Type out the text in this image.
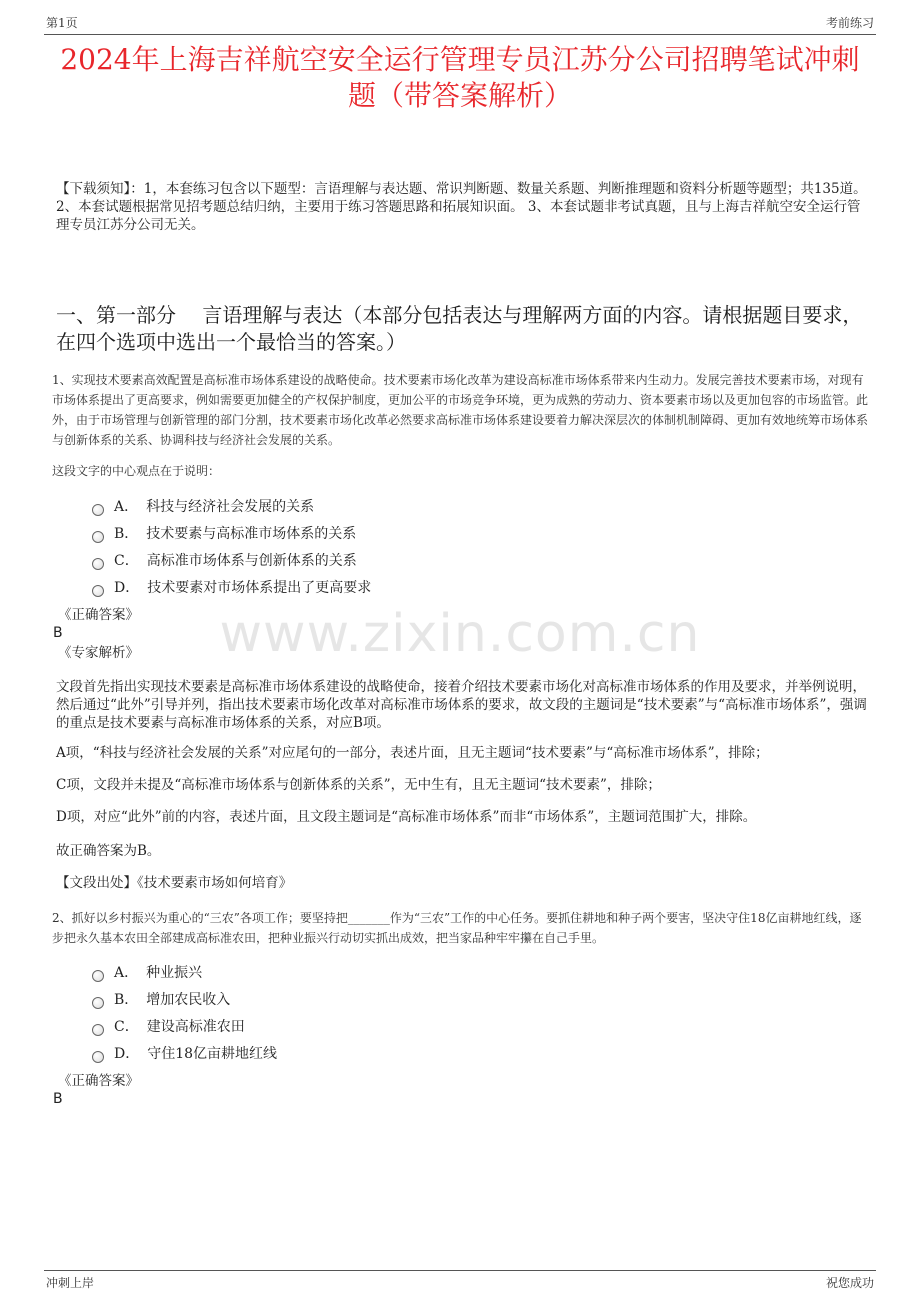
第1页	考前练习
2024年上海吉祥航空安全运行管理专员江苏分公司招聘笔试冲刺题（带答案解析）
【下载须知】：1，本套练习包含以下题型：言语理解与表达题、常识判断题、数量关系题、判断推理题和资料分析题等题型；共135道。 2、本套试题根据常见招考题总结归纳，主要用于练习答题思路和拓展知识面。 3、本套试题非考试真题，且与上海吉祥航空安全运行管理专员江苏分公司无关。
一、第一部分　 言语理解与表达（本部分包括表达与理解两方面的内容。请根据题目要求，在四个选项中选出一个最恰当的答案。）
1、实现技术要素高效配置是高标准市场体系建设的战略使命。技术要素市场化改革为建设高标准市场体系带来内生动力。发展完善技术要素市场，对现有市场体系提出了更高要求，例如需要更加健全的产权保护制度，更加公平的市场竞争环境，更为成熟的劳动力、资本要素市场以及更加包容的市场监管。此外，由于市场管理与创新管理的部门分割，技术要素市场化改革必然要求高标准市场体系建设要着力解决深层次的体制机制障碍、更加有效地统筹市场体系与创新体系的关系、协调科技与经济社会发展的关系。
这段文字的中心观点在于说明：
A． 科技与经济社会发展的关系
B． 技术要素与高标准市场体系的关系
C． 高标准市场体系与创新体系的关系
D． 技术要素对市场体系提出了更高要求
《正确答案》
B
《专家解析》	www.zixin.com.cn
文段首先指出实现技术要素是高标准市场体系建设的战略使命，接着介绍技术要素市场化对高标准市场体系的作用及要求，并举例说明，然后通过“此外”引导并列，指出技术要素市场化改革对高标准市场体系的要求，故文段的主题词是“技术要素”与“高标准市场体系”，强调的重点是技术要素与高标准市场体系的关系，对应B项。
A项，“科技与经济社会发展的关系”对应尾句的一部分，表述片面，且无主题词“技术要素”与“高标准市场体系”，排除；
C项，文段并未提及“高标准市场体系与创新体系的关系”，无中生有，且无主题词“技术要素”，排除；
D项，对应“此外”前的内容，表述片面，且文段主题词是“高标准市场体系”而非“市场体系”，主题词范围扩大，排除。
故正确答案为B。
【文段出处】《技术要素市场如何培育》
2、抓好以乡村振兴为重心的“三农”各项工作；要坚持把_______作为“三农”工作的中心任务。要抓住耕地和种子两个要害，坚决守住18亿亩耕地红线，逐步把永久基本农田全部建成高标准农田，把种业振兴行动切实抓出成效，把当家品种牢牢攥在自己手里。
A． 种业振兴
B． 增加农民收入
C． 建设高标准农田
D． 守住18亿亩耕地红线
《正确答案》
B
冲刺上岸	祝您成功
